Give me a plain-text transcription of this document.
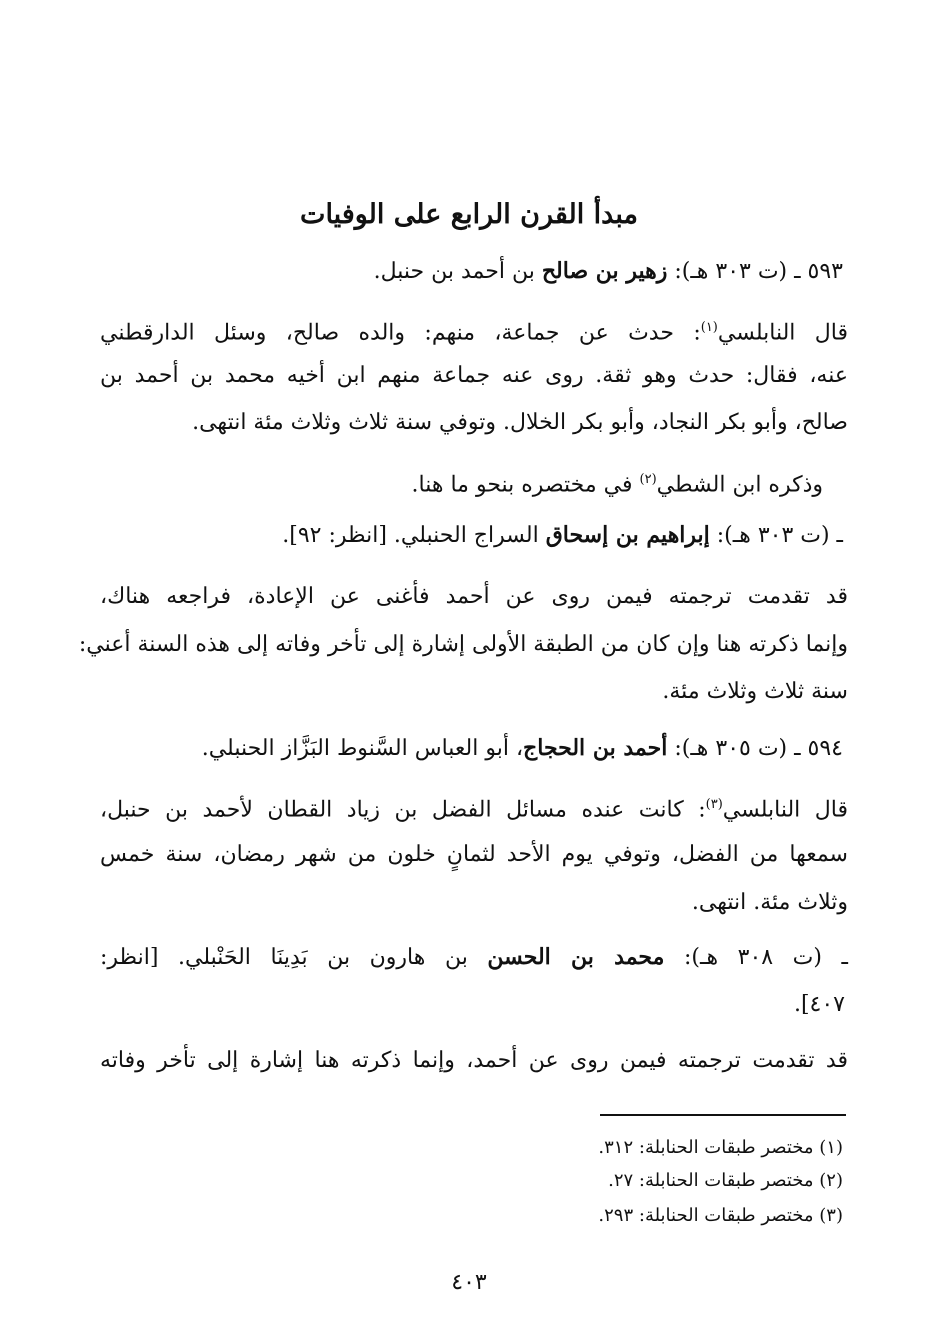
مبدأ القرن الرابع على الوفيات
٥٩٣ ـ (ت ٣٠٣ هـ): زهير بن صالح بن أحمد بن حنبل.
قال النابلسي$^{(١)}$: حدث عن جماعة، منهم: والده صالح، وسئل الدارقطني
عنه، فقال: حدث وهو ثقة. روى عنه جماعة منهم ابن أخيه محمد بن أحمد بن
صالح، وأبو بكر النجاد، وأبو بكر الخلال. وتوفي سنة ثلاث وثلاث مئة انتهى.
وذكره ابن الشطي$^{(٢)}$ في مختصره بنحو ما هنا.
ـ (ت ٣٠٣ هـ): إبراهيم بن إسحاق السراج الحنبلي. [انظر: ٩٢].
قد تقدمت ترجمته فيمن روى عن أحمد فأغنى عن الإعادة، فراجعه هناك،
وإنما ذكرته هنا وإن كان من الطبقة الأولى إشارة إلى تأخر وفاته إلى هذه السنة أعني:
سنة ثلاث وثلاث مئة.
٥٩٤ ـ (ت ٣٠٥ هـ): أحمد بن الحجاج، أبو العباس السَّنوط البَزَّاز الحنبلي.
قال النابلسي$^{(٣)}$: كانت عنده مسائل الفضل بن زياد القطان لأحمد بن حنبل،
سمعها من الفضل، وتوفي يوم الأحد لثمانٍ خلون من شهر رمضان، سنة خمس
وثلاث مئة. انتهى.
ـ (ت ٣٠٨ هـ): محمد بن الحسن بن هارون بن بَدِينَا الحَنْبلي. [انظر:
٤٠٧].
قد تقدمت ترجمته فيمن روى عن أحمد، وإنما ذكرته هنا إشارة إلى تأخر وفاته
(١) مختصر طبقات الحنابلة: ٣١٢.
(٢) مختصر طبقات الحنابلة: ٢٧.
(٣) مختصر طبقات الحنابلة: ٢٩٣.
٤٠٣
